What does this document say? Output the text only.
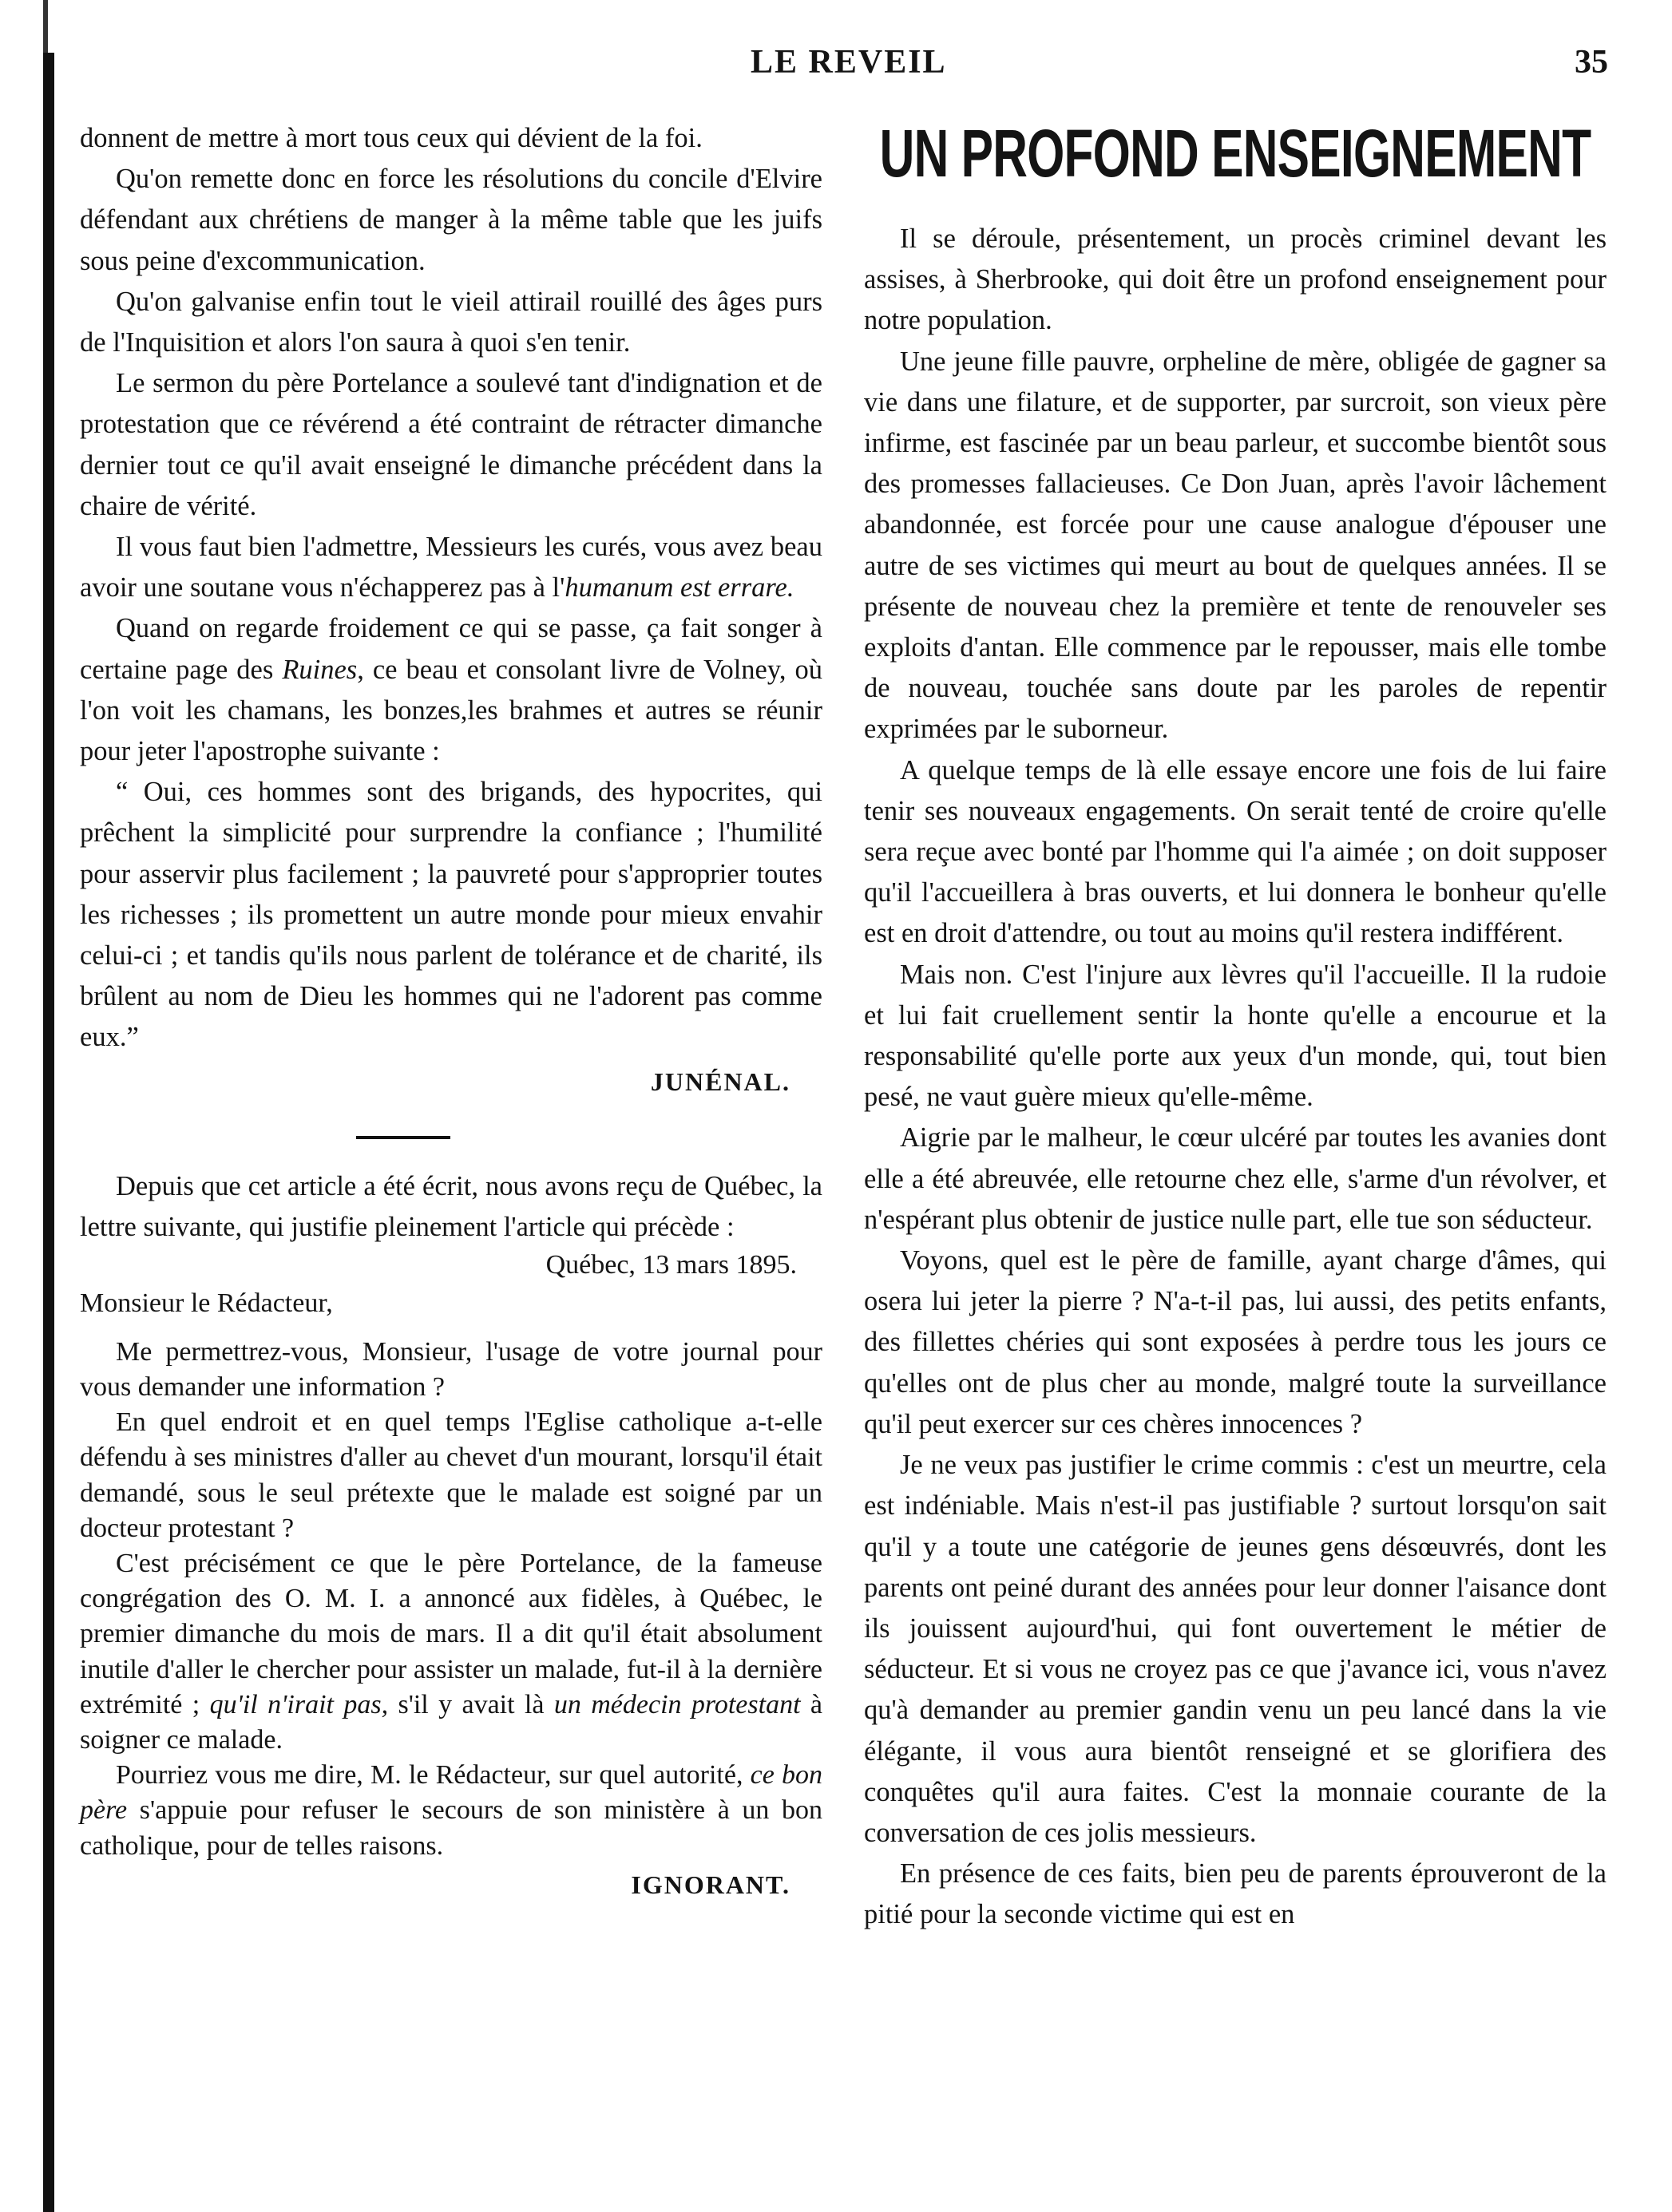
LE REVEIL	35

donnent de mettre à mort tous ceux qui dévient de la foi.

Qu'on remette donc en force les résolutions du concile d'Elvire défendant aux chrétiens de manger à la même table que les juifs sous peine d'excommunication.

Qu'on galvanise enfin tout le vieil attirail rouillé des âges purs de l'Inquisition et alors l'on saura à quoi s'en tenir.

Le sermon du père Portelance a soulevé tant d'indignation et de protestation que ce révérend a été contraint de rétracter dimanche dernier tout ce qu'il avait enseigné le dimanche précédent dans la chaire de vérité.

Il vous faut bien l'admettre, Messieurs les curés, vous avez beau avoir une soutane vous n'échapperez pas à l'humanum est errare.

Quand on regarde froidement ce qui se passe, ça fait songer à certaine page des Ruines, ce beau et consolant livre de Volney, où l'on voit les chamans, les bonzes,les brahmes et autres se réunir pour jeter l'apostrophe suivante :

“ Oui, ces hommes sont des brigands, des hypocrites, qui prêchent la simplicité pour surprendre la confiance ; l'humilité pour asservir plus facilement ; la pauvreté pour s'approprier toutes les richesses ; ils promettent un autre monde pour mieux envahir celui-ci ; et tandis qu'ils nous parlent de tolérance et de charité, ils brûlent au nom de Dieu les hommes qui ne l'adorent pas comme eux.”

JUNÉNAL.

Depuis que cet article a été écrit, nous avons reçu de Québec, la lettre suivante, qui justifie pleinement l'article qui précède :

Québec, 13 mars 1895.

Monsieur le Rédacteur,

Me permettrez-vous, Monsieur, l'usage de votre journal pour vous demander une information ?

En quel endroit et en quel temps l'Eglise catholique a-t-elle défendu à ses ministres d'aller au chevet d'un mourant, lorsqu'il était demandé, sous le seul prétexte que le malade est soigné par un docteur protestant ?

C'est précisément ce que le père Portelance, de la fameuse congrégation des O. M. I. a annoncé aux fidèles, à Québec, le premier dimanche du mois de mars. Il a dit qu'il était absolument inutile d'aller le chercher pour assister un malade, fut-il à la dernière extrémité ; qu'il n'irait pas, s'il y avait là un médecin protestant à soigner ce malade.

Pourriez vous me dire, M. le Rédacteur, sur quel autorité, ce bon père s'appuie pour refuser le secours de son ministère à un bon catholique, pour de telles raisons.

IGNORANT.
UN PROFOND ENSEIGNEMENT

Il se déroule, présentement, un procès criminel devant les assises, à Sherbrooke, qui doit être un profond enseignement pour notre population.

Une jeune fille pauvre, orpheline de mère, obligée de gagner sa vie dans une filature, et de supporter, par surcroit, son vieux père infirme, est fascinée par un beau parleur, et succombe bientôt sous des promesses fallacieuses. Ce Don Juan, après l'avoir lâchement abandonnée, est forcée pour une cause analogue d'épouser une autre de ses victimes qui meurt au bout de quelques années. Il se présente de nouveau chez la première et tente de renouveler ses exploits d'antan. Elle commence par le repousser, mais elle tombe de nouveau, touchée sans doute par les paroles de repentir exprimées par le suborneur.

A quelque temps de là elle essaye encore une fois de lui faire tenir ses nouveaux engagements. On serait tenté de croire qu'elle sera reçue avec bonté par l'homme qui l'a aimée ; on doit supposer qu'il l'accueillera à bras ouverts, et lui donnera le bonheur qu'elle est en droit d'attendre, ou tout au moins qu'il restera indifférent.

Mais non. C'est l'injure aux lèvres qu'il l'accueille. Il la rudoie et lui fait cruellement sentir la honte qu'elle a encourue et la responsabilité qu'elle porte aux yeux d'un monde, qui, tout bien pesé, ne vaut guère mieux qu'elle-même.

Aigrie par le malheur, le cœur ulcéré par toutes les avanies dont elle a été abreuvée, elle retourne chez elle, s'arme d'un révolver, et n'espérant plus obtenir de justice nulle part, elle tue son séducteur.

Voyons, quel est le père de famille, ayant charge d'âmes, qui osera lui jeter la pierre ? N'a-t-il pas, lui aussi, des petits enfants, des fillettes chéries qui sont exposées à perdre tous les jours ce qu'elles ont de plus cher au monde, malgré toute la surveillance qu'il peut exercer sur ces chères innocences ?

Je ne veux pas justifier le crime commis : c'est un meurtre, cela est indéniable. Mais n'est-il pas justifiable ? surtout lorsqu'on sait qu'il y a toute une catégorie de jeunes gens désœuvrés, dont les parents ont peiné durant des années pour leur donner l'aisance dont ils jouissent aujourd'hui, qui font ouvertement le métier de séducteur. Et si vous ne croyez pas ce que j'avance ici, vous n'avez qu'à demander au premier gandin venu un peu lancé dans la vie élégante, il vous aura bientôt renseigné et se glorifiera des conquêtes qu'il aura faites. C'est la monnaie courante de la conversation de ces jolis messieurs.

En présence de ces faits, bien peu de parents éprouveront de la pitié pour la seconde victime qui est en
